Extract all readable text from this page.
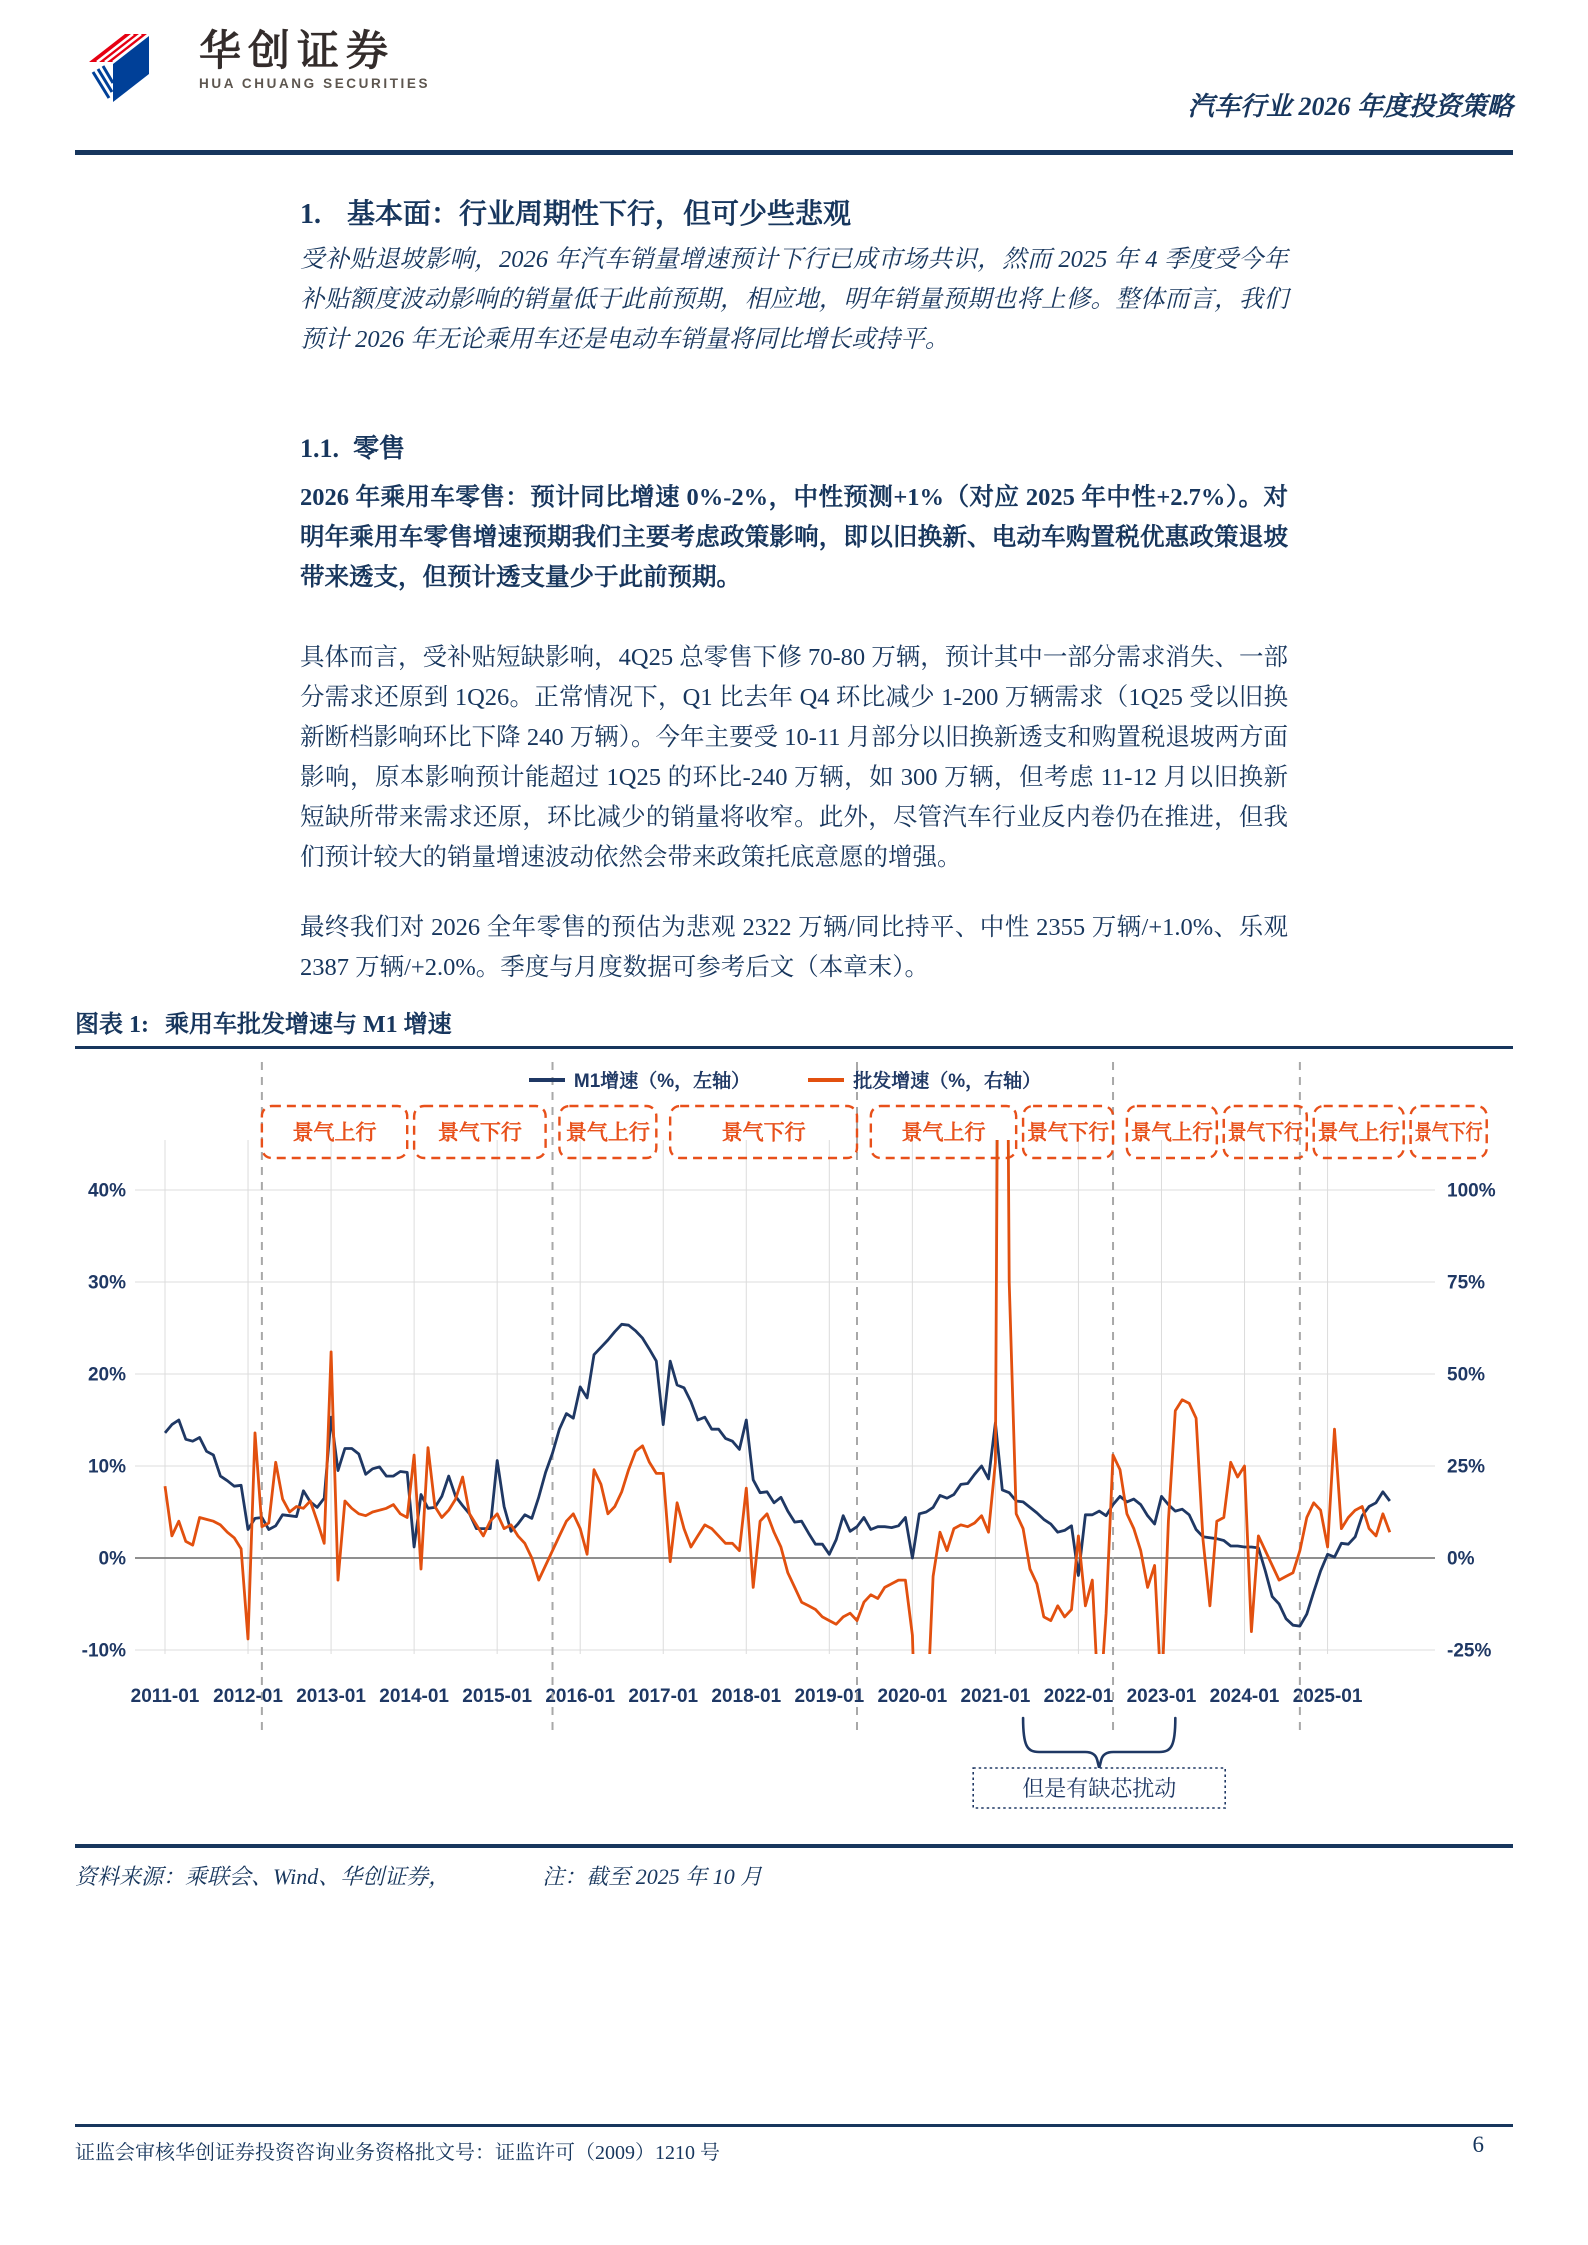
华创证券
HUA CHUANG SECURITIES
汽车行业 2026 年度投资策略
1. 基本面：行业周期性下行，但可少些悲观
受补贴退坡影响，2026 年汽车销量增速预计下行已成市场共识，然而 2025 年 4 季度受今年补贴额度波动影响的销量低于此前预期，相应地，明年销量预期也将上修。整体而言，我们预计 2026 年无论乘用车还是电动车销量将同比增长或持平。
1.1. 零售
2026 年乘用车零售：预计同比增速 0%-2%，中性预测+1%（对应 2025 年中性+2.7%）。对明年乘用车零售增速预期我们主要考虑政策影响，即以旧换新、电动车购置税优惠政策退坡带来透支，但预计透支量少于此前预期。
具体而言，受补贴短缺影响，4Q25 总零售下修 70-80 万辆，预计其中一部分需求消失、一部分需求还原到 1Q26。正常情况下，Q1 比去年 Q4 环比减少 1-200 万辆需求（1Q25 受以旧换新断档影响环比下降 240 万辆）。今年主要受 10-11 月部分以旧换新透支和购置税退坡两方面影响，原本影响预计能超过 1Q25 的环比-240 万辆，如 300 万辆，但考虑 11-12 月以旧换新短缺所带来需求还原，环比减少的销量将收窄。此外，尽管汽车行业反内卷仍在推进，但我们预计较大的销量增速波动依然会带来政策托底意愿的增强。
最终我们对 2026 全年零售的预估为悲观 2322 万辆/同比持平、中性 2355 万辆/+1.0%、乐观 2387 万辆/+2.0%。季度与月度数据可参考后文（本章末）。
图表 1: 乘用车批发增速与 M1 增速
2011-01 2012-01 2013-01 2014-01 2015-01 2016-01 2017-01 2018-01 2019-01 2020-01 2021-01 2022-01 2023-01 2024-01 2025-01
40%	100%
30%	75%
20%	50%
10%	25%
0%	0%
-10%	-25%
景气上行	景气下行 景气上行	景气下行	景气上行 景气下行 景气上行 景气下行 景气上行 景气下行
但是有缺芯扰动
M1增速（%，左轴）	批发增速（%，右轴）
资料来源：乘联会、Wind、华创证券，	注：截至 2025 年 10 月
证监会审核华创证券投资咨询业务资格批文号：证监许可（2009）1210 号	6
